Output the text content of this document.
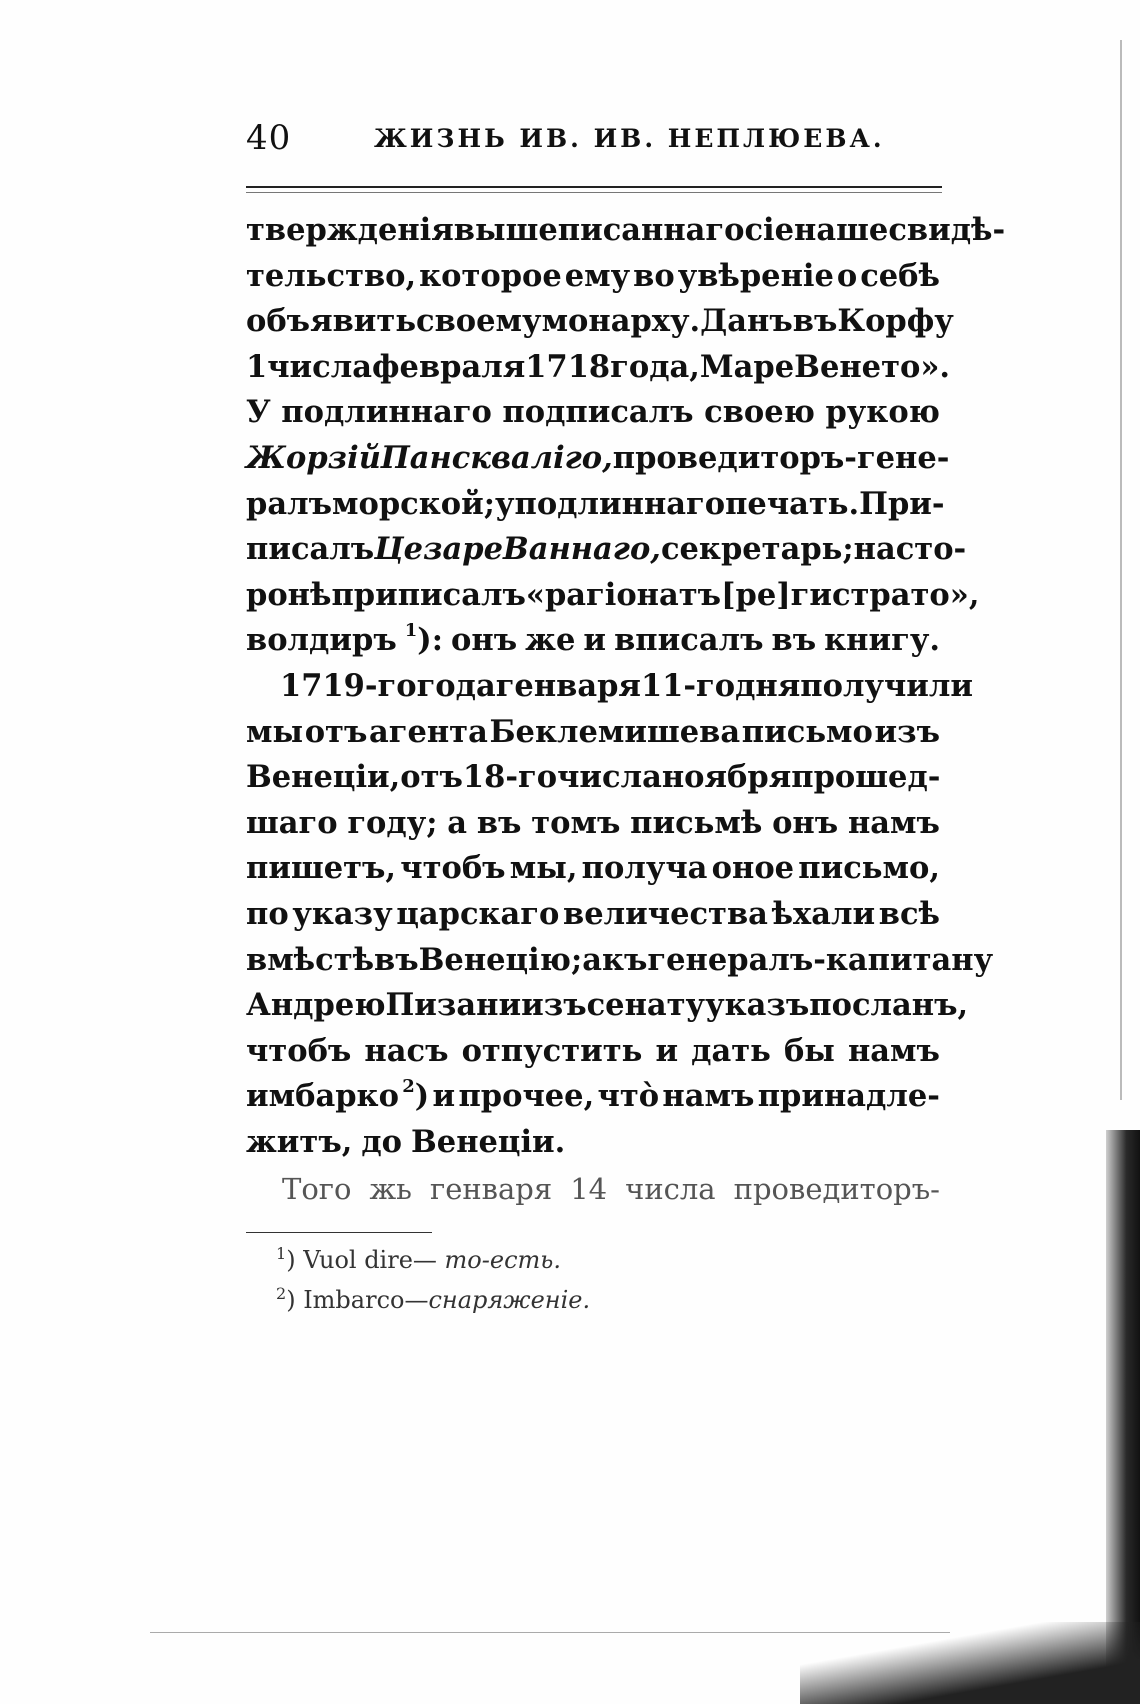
40	ЖИЗНЬ ИВ. ИВ. НЕПЛЮЕВА.
твержденія вышеписаннаго сіе наше свидѣ-
тельство, которое ему во увѣреніе о себѣ
объявить своему монарху. Данъ въ Корфу
1 числа февраля 1718 года, Маре Венето».
У подлиннаго подписалъ своею рукою
Жорзій Панскваліго, проведиторъ-гене-
ралъ морской; у подлиннаго печать. При-
писалъ Цезаре Ваннаго, секретарь; на сто-
ронѣ приписалъ «рагіонатъ [ре]гистрато»,
волдиръ $^1$): онъ же и вписалъ въ книгу.
1719-го года генваря 11-го дня получили
мы отъ агента Беклемишева письмо изъ
Венеціи, отъ 18-го числа ноября прошед-
шаго году; а въ томъ письмѣ онъ намъ
пишетъ, чтобъ мы, получа оное письмо,
по указу царскаго величества ѣхали всѣ
вмѣстѣ въ Венецію; а къ генералъ-капитану
Андрею Пизани изъ сенату указъ посланъ,
чтобъ насъ отпустить и дать бы намъ
имбарко $^2$) и прочее, что̀ намъ принадле-
житъ, до Венеціи.
Того жь генваря 14 числа проведиторъ-
$^1$) Vuol dire— то-есть.
$^2$) Imbarco—снаряженіе.
